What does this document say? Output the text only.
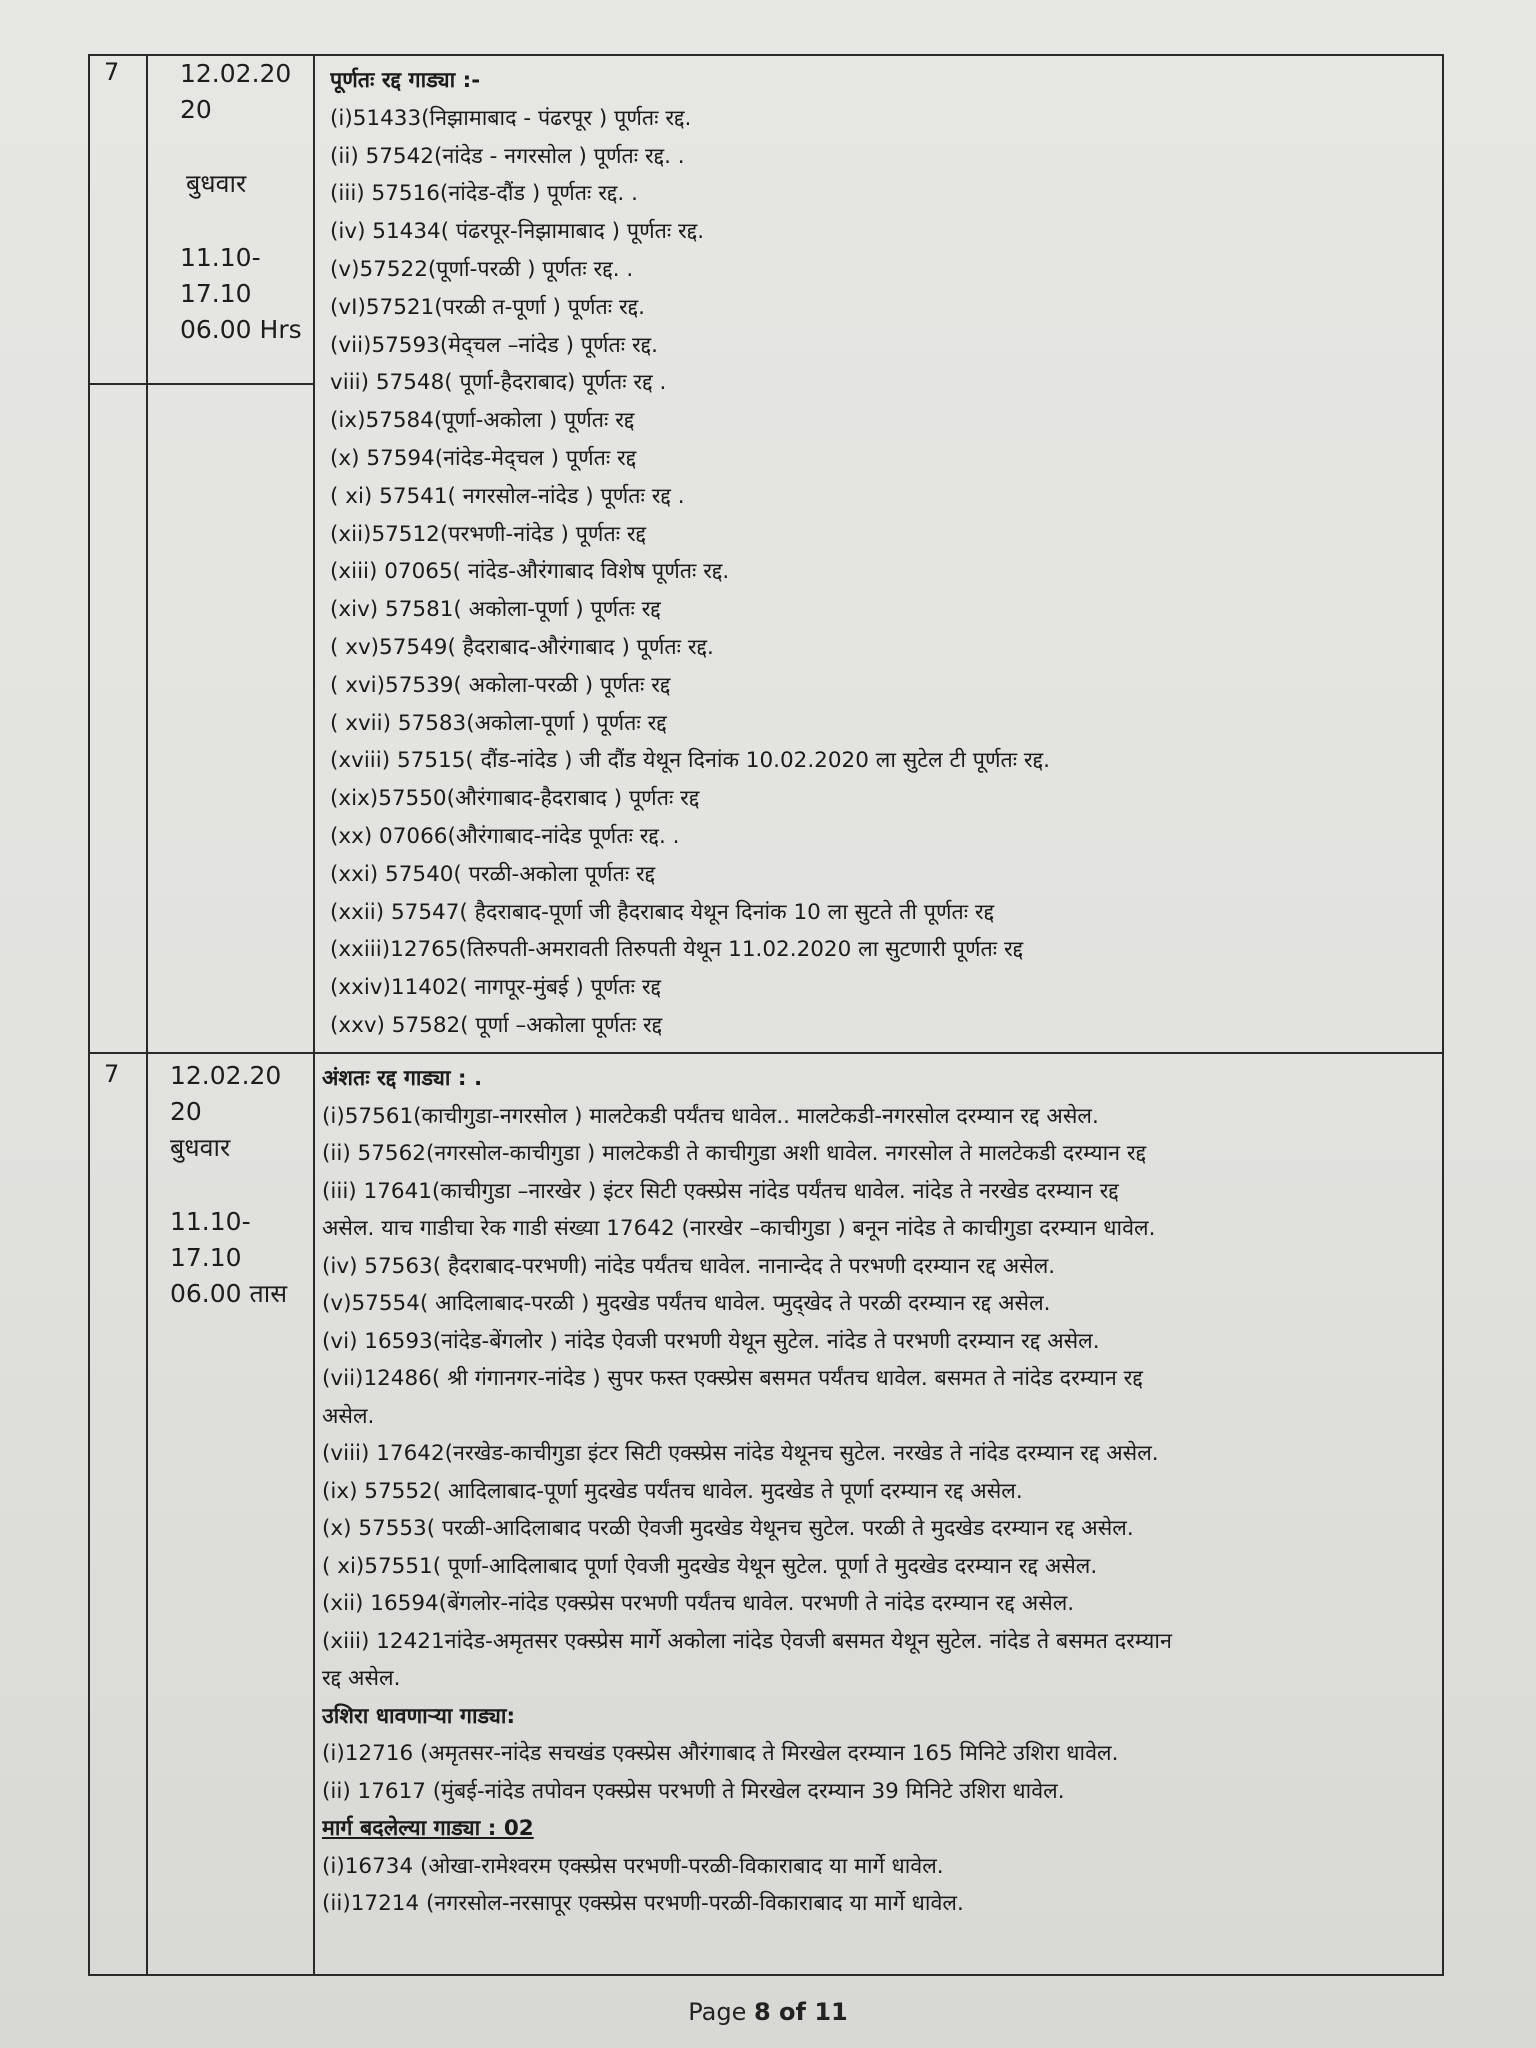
7 12.02.20
20
बुधवार
11.10-
17.10
06.00 Hrs
पूर्णतः रद्द गाड्या :-
(i)51433(निझामाबाद - पंढरपूर ) पूर्णतः रद्द.
(ii) 57542(नांदेड - नगरसोल ) पूर्णतः रद्द. .
(iii) 57516(नांदेड-दौंड ) पूर्णतः रद्द. .
(iv) 51434( पंढरपूर-निझामाबाद ) पूर्णतः रद्द.
(v)57522(पूर्णा-परळी ) पूर्णतः रद्द. .
(vI)57521(परळी त-पूर्णा ) पूर्णतः रद्द.
(vii)57593(मेद्चल –नांदेड ) पूर्णतः रद्द.
viii) 57548( पूर्णा-हैदराबाद) पूर्णतः रद्द .
(ix)57584(पूर्णा-अकोला ) पूर्णतः रद्द
(x) 57594(नांदेड-मेद्चल ) पूर्णतः रद्द
( xi) 57541( नगरसोल-नांदेड ) पूर्णतः रद्द .
(xii)57512(परभणी-नांदेड ) पूर्णतः रद्द
(xiii) 07065( नांदेड-औरंगाबाद विशेष पूर्णतः रद्द.
(xiv) 57581( अकोला-पूर्णा ) पूर्णतः रद्द
( xv)57549( हैदराबाद-औरंगाबाद ) पूर्णतः रद्द.
( xvi)57539( अकोला-परळी ) पूर्णतः रद्द
( xvii) 57583(अकोला-पूर्णा ) पूर्णतः रद्द
(xviii) 57515( दौंड-नांदेड ) जी दौंड येथून दिनांक 10.02.2020 ला सुटेल टी पूर्णतः रद्द.
(xix)57550(औरंगाबाद-हैदराबाद ) पूर्णतः रद्द
(xx) 07066(औरंगाबाद-नांदेड पूर्णतः रद्द. .
(xxi) 57540( परळी-अकोला पूर्णतः रद्द
(xxii) 57547( हैदराबाद-पूर्णा जी हैदराबाद येथून दिनांक 10 ला सुटते ती पूर्णतः रद्द
(xxiii)12765(तिरुपती-अमरावती तिरुपती येथून 11.02.2020 ला सुटणारी पूर्णतः रद्द
(xxiv)11402( नागपूर-मुंबई ) पूर्णतः रद्द
(xxv) 57582( पूर्णा –अकोला पूर्णतः रद्द
7 12.02.20
20
बुधवार
11.10-
17.10
06.00 तास
अंशतः रद्द गाड्या : .
(i)57561(काचीगुडा-नगरसोल ) मालटेकडी पर्यंतच धावेल.. मालटेकडी-नगरसोल दरम्यान रद्द असेल.
(ii) 57562(नगरसोल-काचीगुडा ) मालटेकडी ते काचीगुडा अशी धावेल. नगरसोल ते मालटेकडी दरम्यान रद्द
(iii) 17641(काचीगुडा –नारखेर ) इंटर सिटी एक्स्प्रेस नांदेड पर्यंतच धावेल. नांदेड ते नरखेड दरम्यान रद्द
असेल. याच गाडीचा रेक गाडी संख्या 17642 (नारखेर –काचीगुडा ) बनून नांदेड ते काचीगुडा दरम्यान धावेल.
(iv) 57563( हैदराबाद-परभणी) नांदेड पर्यंतच धावेल. नानान्देद ते परभणी दरम्यान रद्द असेल.
(v)57554( आदिलाबाद-परळी ) मुदखेड पर्यंतच धावेल. प्मुद्खेद ते परळी दरम्यान रद्द असेल.
(vi) 16593(नांदेड-बेंगलोर ) नांदेड ऐवजी परभणी येथून सुटेल. नांदेड ते परभणी दरम्यान रद्द असेल.
(vii)12486( श्री गंगानगर-नांदेड ) सुपर फस्त एक्स्प्रेस बसमत पर्यंतच धावेल. बसमत ते नांदेड दरम्यान रद्द
असेल.
(viii) 17642(नरखेड-काचीगुडा इंटर सिटी एक्स्प्रेस नांदेड येथूनच सुटेल. नरखेड ते नांदेड दरम्यान रद्द असेल.
(ix) 57552( आदिलाबाद-पूर्णा मुदखेड पर्यंतच धावेल. मुदखेड ते पूर्णा दरम्यान रद्द असेल.
(x) 57553( परळी-आदिलाबाद परळी ऐवजी मुदखेड येथूनच सुटेल. परळी ते मुदखेड दरम्यान रद्द असेल.
( xi)57551( पूर्णा-आदिलाबाद पूर्णा ऐवजी मुदखेड येथून सुटेल. पूर्णा ते मुदखेड दरम्यान रद्द असेल.
(xii) 16594(बेंगलोर-नांदेड एक्स्प्रेस परभणी पर्यंतच धावेल. परभणी ते नांदेड दरम्यान रद्द असेल.
(xiii) 12421नांदेड-अमृतसर एक्स्प्रेस मार्गे अकोला नांदेड ऐवजी बसमत येथून सुटेल. नांदेड ते बसमत दरम्यान
रद्द असेल.
उशिरा धावणाऱ्या गाड्या:
(i)12716 (अमृतसर-नांदेड सचखंड एक्स्प्रेस औरंगाबाद ते मिरखेल दरम्यान 165 मिनिटे उशिरा धावेल.
(ii) 17617 (मुंबई-नांदेड तपोवन एक्स्प्रेस परभणी ते मिरखेल दरम्यान 39 मिनिटे उशिरा धावेल.
मार्ग बदलेल्या गाड्या : 02
(i)16734 (ओखा-रामेश्वरम एक्स्प्रेस परभणी-परळी-विकाराबाद या मार्गे धावेल.
(ii)17214 (नगरसोल-नरसापूर एक्स्प्रेस परभणी-परळी-विकाराबाद या मार्गे धावेल.
Page 8 of 11
